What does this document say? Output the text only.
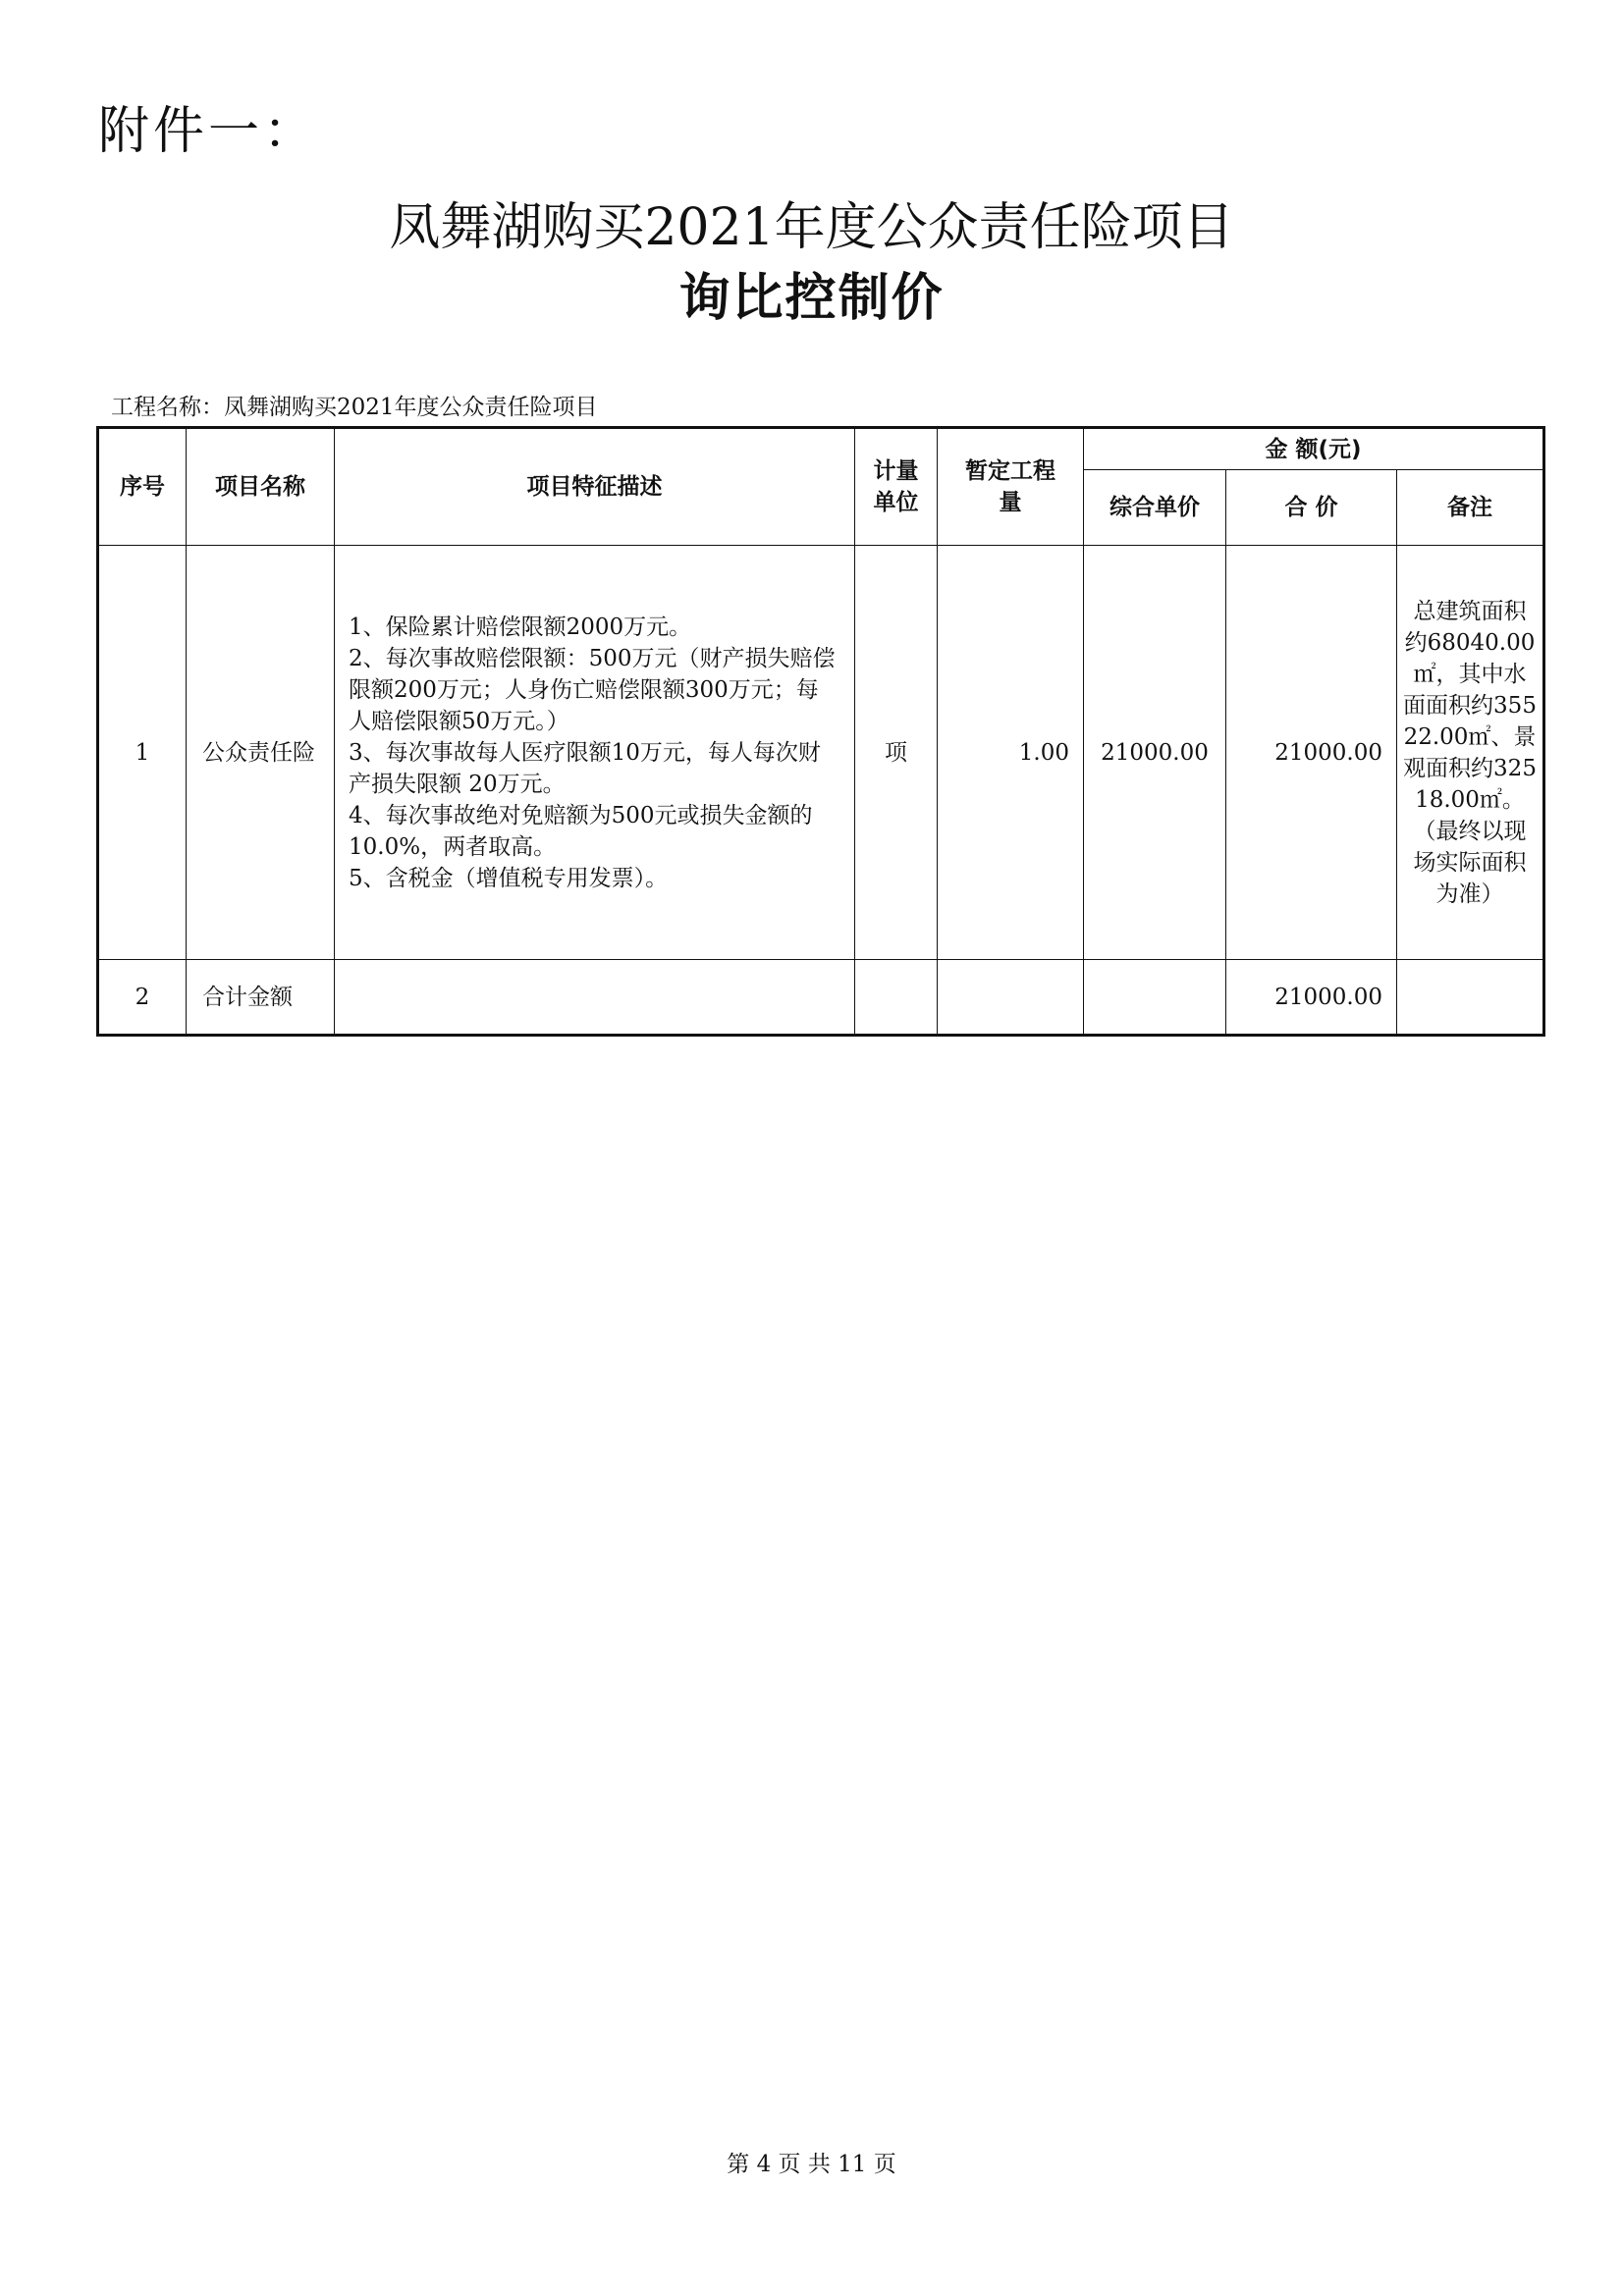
附件一：
凤舞湖购买2021年度公众责任险项目
询比控制价
工程名称：凤舞湖购买2021年度公众责任险项目
序号	项目名称	项目特征描述	计量单位	暂定工程量	金 额(元)		
					综合单价	合 价	备注
1	公众责任险	1、保险累计赔偿限额2000万元。
2、每次事故赔偿限额：500万元（财产损失赔偿限额200万元；人身伤亡赔偿限额300万元；每人赔偿限额50万元。）
3、每次事故每人医疗限额10万元，每人每次财产损失限额 20万元。
4、每次事故绝对免赔额为500元或损失金额的10.0%，两者取高。
5、含税金（增值税专用发票）。	项	1.00	21000.00	21000.00	总建筑面积约68040.00㎡，其中水面面积约35522.00㎡、景观面积约32518.00㎡。（最终以现场实际面积为准）
2	合计金额					21000.00	
第 4 页 共 11 页
